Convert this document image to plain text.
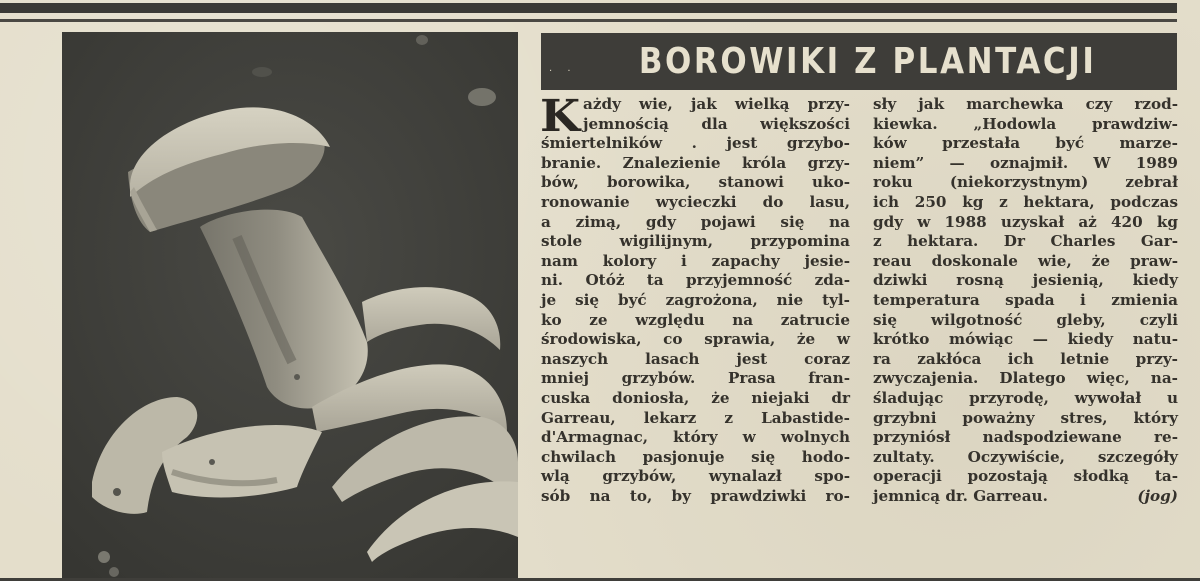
. .	BOROWIKI Z PLANTACJI
K ażdy wie, jak wielką przy-
jemnością dla większości
śmiertelników . jest grzybo-
branie. Znalezienie króla grzy-
bów, borowika, stanowi uko-
ronowanie wycieczki do lasu,
a zimą, gdy pojawi się na
stole wigilijnym, przypomina
nam kolory i zapachy jesie-
ni. Otóż ta przyjemność zda-
je się być zagrożona, nie tyl-
ko ze względu na zatrucie
środowiska, co sprawia, że w
naszych lasach jest coraz
mniej grzybów. Prasa fran-
cuska doniosła, że niejaki dr
Garreau, lekarz z Labastide-
d'Armagnac, który w wolnych
chwilach pasjonuje się hodo-
wlą grzybów, wynalazł spo-
sób na to, by prawdziwki ro-
sły jak marchewka czy rzod-
kiewka. „Hodowla prawdziw-
ków przestała być marze-
niem” — oznajmił. W 1989
roku (niekorzystnym) zebrał
ich 250 kg z hektara, podczas
gdy w 1988 uzyskał aż 420 kg
z hektara. Dr Charles Gar-
reau doskonale wie, że praw-
dziwki rosną jesienią, kiedy
temperatura spada i zmienia
się wilgotność gleby, czyli
krótko mówiąc — kiedy natu-
ra zakłóca ich letnie przy-
zwyczajenia. Dlatego więc, na-
śladując przyrodę, wywołał u
grzybni poważny stres, który
przyniósł nadspodziewane re-
zultaty. Oczywiście, szczegóły
operacji pozostają słodką ta-
jemnicą dr. Garreau.	(jog)
